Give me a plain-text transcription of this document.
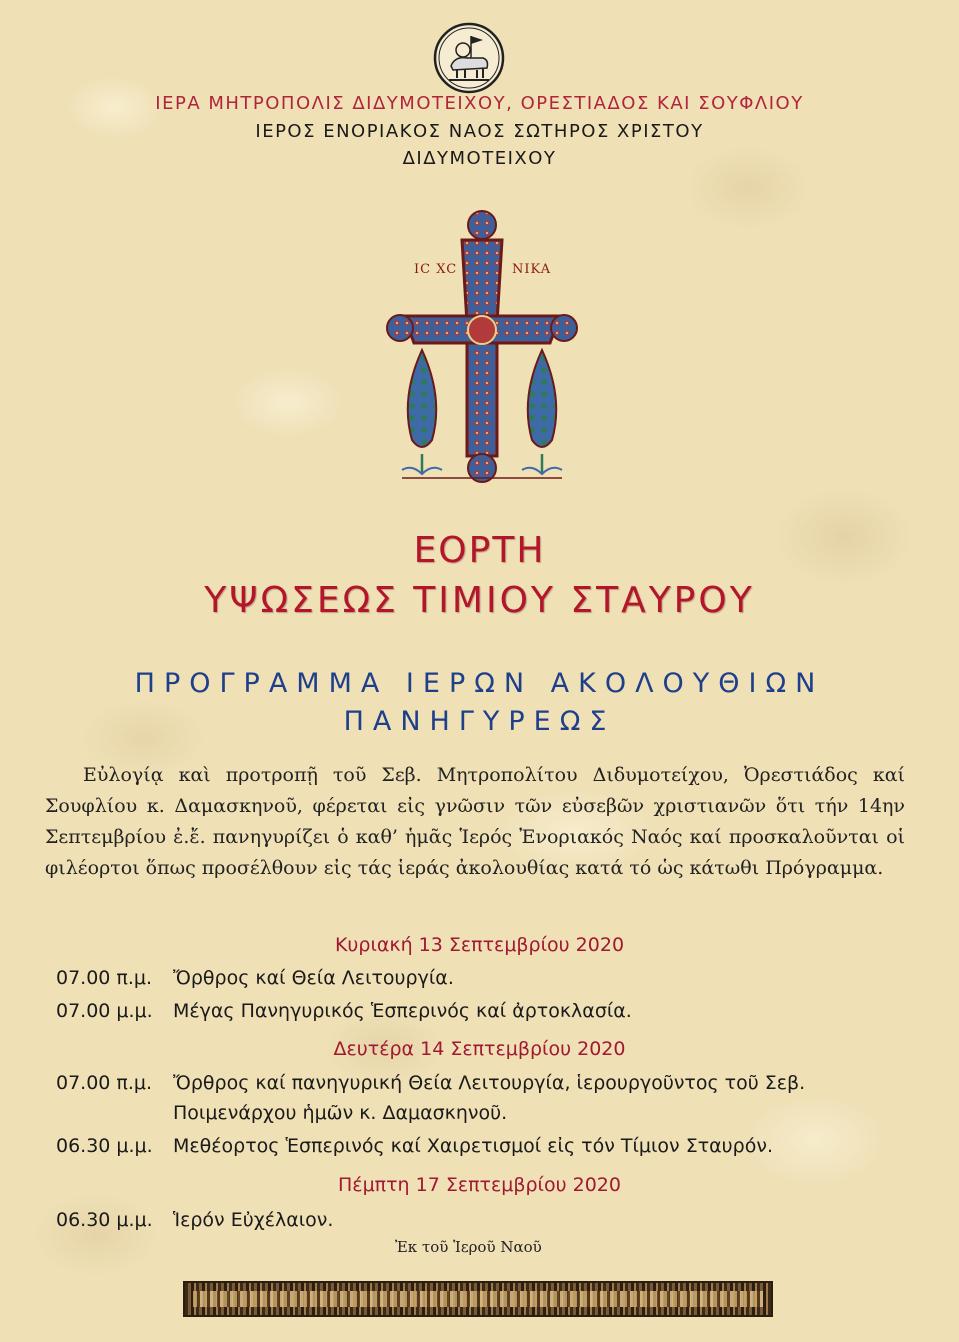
ΙΕΡΑ ΜΗΤΡΟΠΟΛΙΣ ΔΙΔΥΜΟΤΕΙΧΟΥ, ΟΡΕΣΤΙΑΔΟΣ ΚΑΙ ΣΟΥΦΛΙΟΥ
ΙΕΡΟΣ ΕΝΟΡΙΑΚΟΣ ΝΑΟΣ ΣΩΤΗΡΟΣ ΧΡΙΣΤΟΥ
ΔΙΔΥΜΟΤΕΙΧΟΥ
IC XC	NIKA
ΕΟΡΤΗ
ΥΨΩΣΕΩΣ ΤΙΜΙΟΥ ΣΤΑΥΡΟΥ
ΠΡΟΓΡΑΜΜΑ ΙΕΡΩΝ ΑΚΟΛΟΥΘΙΩΝ
ΠΑΝΗΓΥΡΕΩΣ
Εὐλογίᾳ καὶ προτροπῇ τοῦ Σεβ. Μητροπολίτου Διδυμοτείχου, Ὀρεστιάδος καί Σουφλίου κ. Δαμασκηνοῦ, φέρεται εἰς γνῶσιν τῶν εὐσεβῶν χριστιανῶν ὅτι τήν 14ην Σεπτεμβρίου ἐ.ἔ. πανηγυρίζει ὁ καθ’ ἡμᾶς Ἱερός Ἐνοριακός Ναός καί προσκαλοῦνται οἱ φιλέορτοι ὅπως προσέλθουν εἰς τάς ἱεράς ἀκολουθίας κατά τό ὡς κάτωθι Πρόγραμμα.
Κυριακή 13 Σεπτεμβρίου 2020
07.00 π.μ. Ὄρθρος καί Θεία Λειτουργία.
07.00 μ.μ. Μέγας Πανηγυρικός Ἑσπερινός καί ἀρτοκλασία.
Δευτέρα 14 Σεπτεμβρίου 2020
07.00 π.μ. Ὄρθρος καί πανηγυρική Θεία Λειτουργία, ἱερουργοῦντος τοῦ Σεβ. Ποιμενάρχου ἡμῶν κ. Δαμασκηνοῦ.
06.30 μ.μ. Μεθέορτος Ἑσπερινός καί Χαιρετισμοί εἰς τόν Τίμιον Σταυρόν.
Πέμπτη 17 Σεπτεμβρίου 2020
06.30 μ.μ. Ἱερόν Εὐχέλαιον.
Ἐκ τοῦ Ἱεροῦ Ναοῦ
